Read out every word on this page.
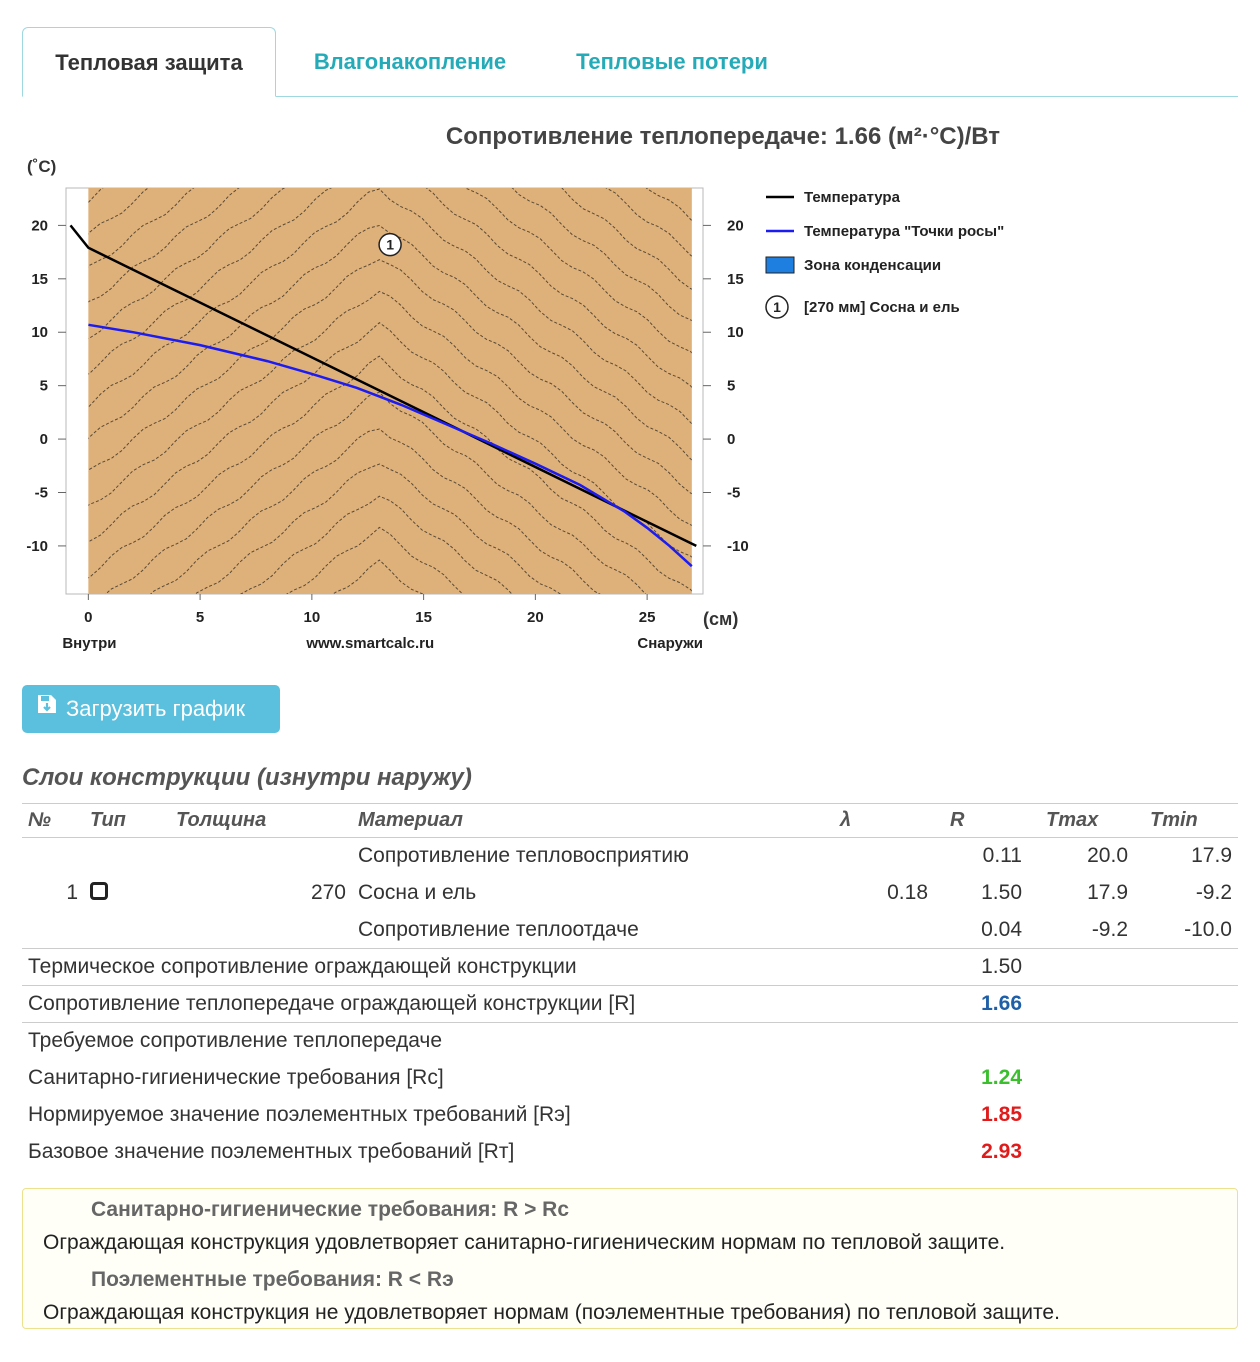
Тепловая защита	Влагонакопление	Тепловые потери
Сопротивление теплопередаче: 1.66 (м²·°С)/Вт
(˚С)
20	20
15	15
10	10
5	5
0	0
-5	-5
-10	-10
0	5	10	15	20	25	(см)
Внутри	www.smartcalc.ru	Снаружи
1
Температура
Температура "Точки росы"
Зона конденсации
1 [270 мм] Сосна и ель
Загрузить график
Слои конструкции (изнутри наружу)
№	Тип	Толщина	Материал	λ	R	Tmax	Tmin
			Сопротивление тепловосприятию		0.11	20.0	17.9
1		270	Сосна и ель	0.18	1.50	17.9	-9.2
			Сопротивление теплоотдаче		0.04	-9.2	-10.0
Термическое сопротивление ограждающей конструкции					1.50		
Сопротивление теплопередаче ограждающей конструкции [R]					1.66		
Требуемое сопротивление теплопередаче							
Санитарно-гигиенические требования [Rc]					1.24		
Нормируемое значение поэлементных требований [Rэ]					1.85		
Базовое значение поэлементных требований [Rт]					2.93		
Санитарно-гигиенические требования: R > Rc
Ограждающая конструкция удовлетворяет санитарно-гигиеническим нормам по тепловой защите.
Поэлементные требования: R < Rэ
Ограждающая конструкция не удовлетворяет нормам (поэлементные требования) по тепловой защите.
